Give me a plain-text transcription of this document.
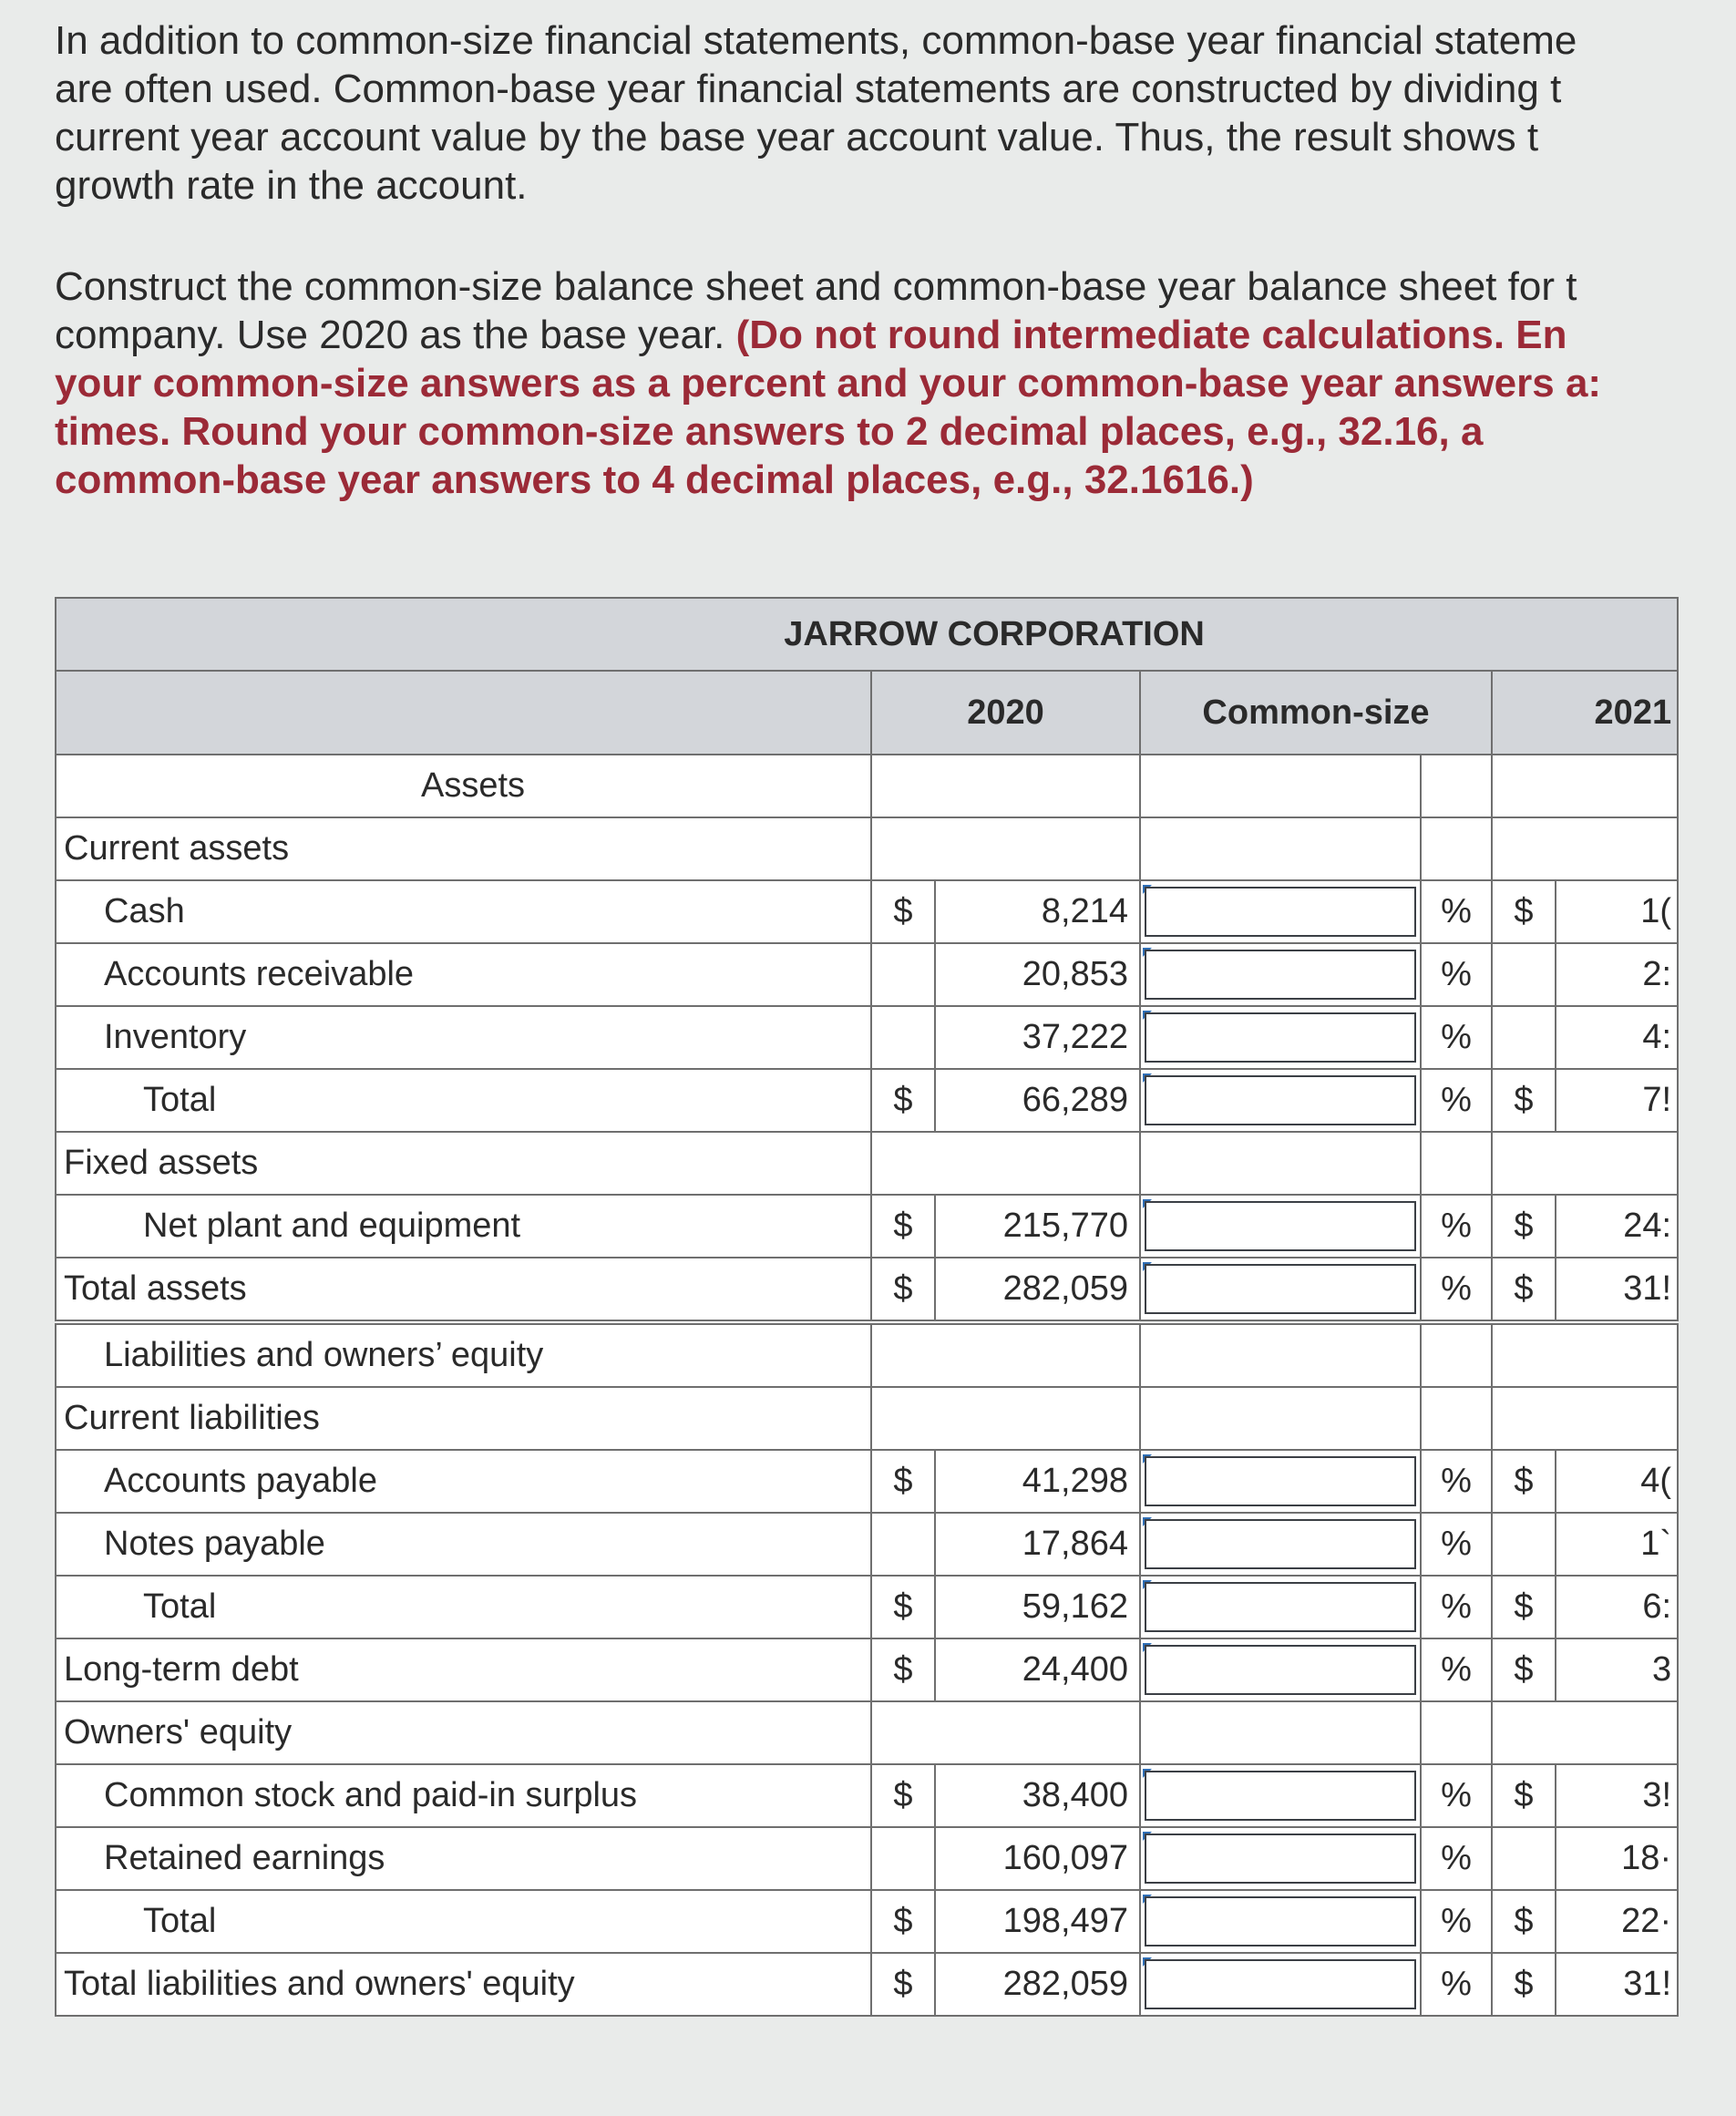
In addition to common-size financial statements, common-base year financial stateme
are often used. Common-base year financial statements are constructed by dividing t
current year account value by the base year account value. Thus, the result shows t
growth rate in the account.

Construct the common-size balance sheet and common-base year balance sheet for t
company. Use 2020 as the base year. (Do not round intermediate calculations. En
your common-size answers as a percent and your common-base year answers a:
times. Round your common-size answers to 2 decimal places, e.g., 32.16, a
common-base year answers to 4 decimal places, e.g., 32.1616.)

JARROW CORPORATION						
	2020		Common-size		2021	
Assets						
Current assets						
Cash	$	8,214		%	$	1(
Accounts receivable		20,853		%		2:
Inventory		37,222		%		4:
Total	$	66,289		%	$	7!
Fixed assets						
Net plant and equipment	$	215,770		%	$	24:
Total assets	$	282,059		%	$	31!
Liabilities and owners’ equity						
Current liabilities						
Accounts payable	$	41,298		%	$	4(
Notes payable		17,864		%		1`
Total	$	59,162		%	$	6:
Long-term debt	$	24,400		%	$	3
Owners' equity						
Common stock and paid-in surplus	$	38,400		%	$	3!
Retained earnings		160,097		%		18·
Total	$	198,497		%	$	22·
Total liabilities and owners' equity	$	282,059		%	$	31!
